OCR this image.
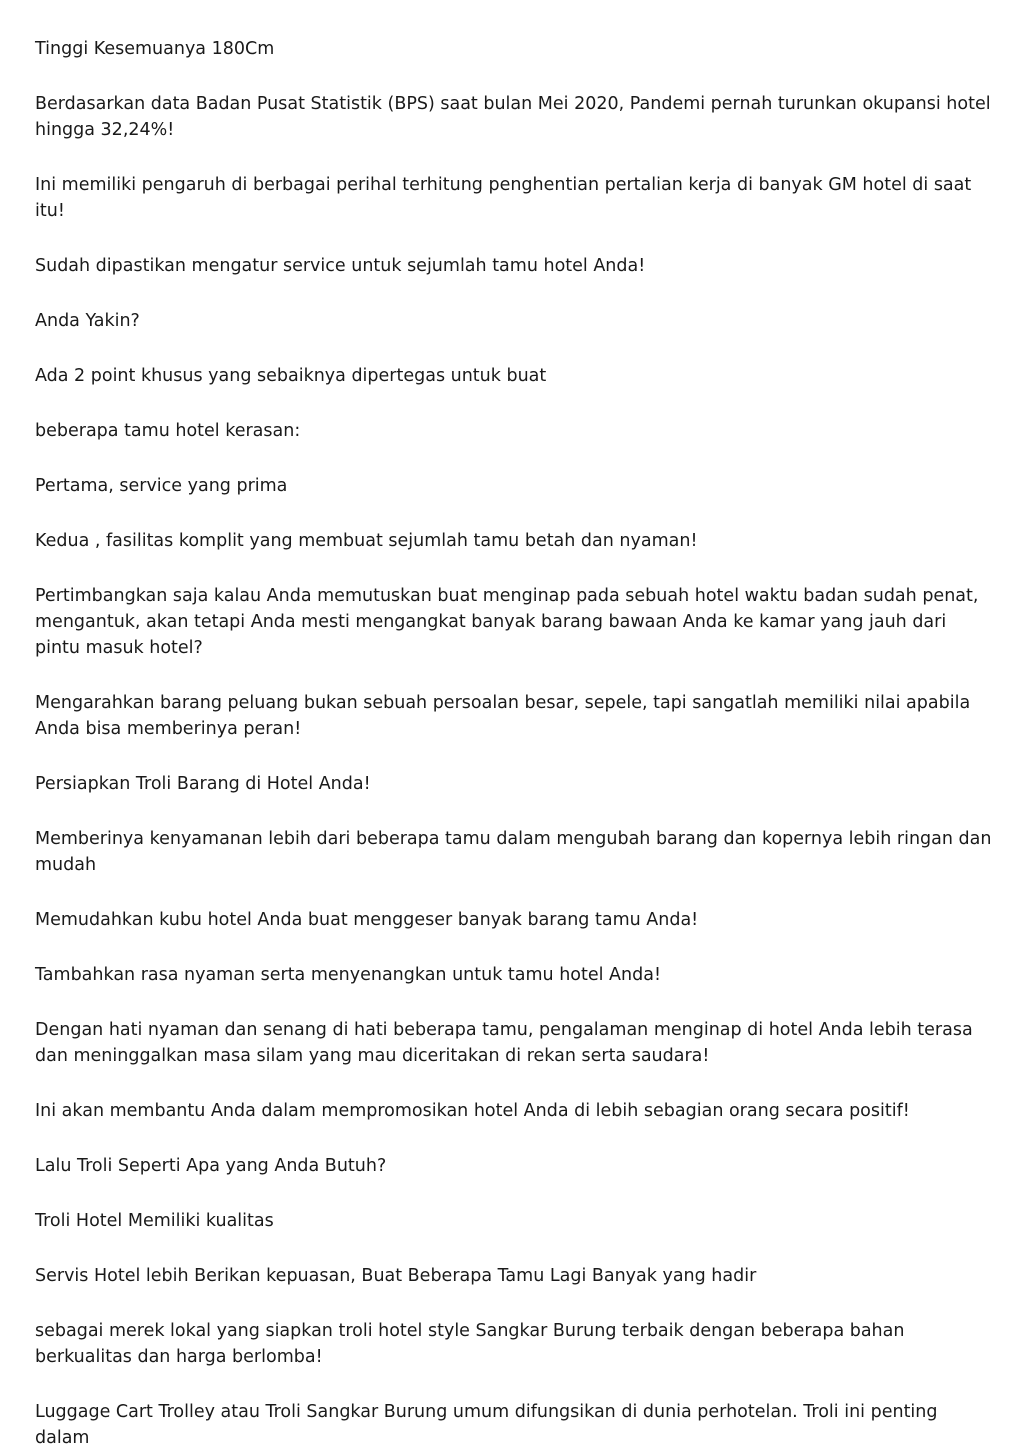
Tinggi Kesemuanya 180Cm

Berdasarkan data Badan Pusat Statistik (BPS) saat bulan Mei 2020, Pandemi pernah turunkan okupansi hotel hingga 32,24%!

Ini memiliki pengaruh di berbagai perihal terhitung penghentian pertalian kerja di banyak GM hotel di saat itu!

Sudah dipastikan mengatur service untuk sejumlah tamu hotel Anda!

Anda Yakin?

Ada 2 point khusus yang sebaiknya dipertegas untuk buat

beberapa tamu hotel kerasan:

Pertama, service yang prima

Kedua , fasilitas komplit yang membuat sejumlah tamu betah dan nyaman!

Pertimbangkan saja kalau Anda memutuskan buat menginap pada sebuah hotel waktu badan sudah penat, mengantuk, akan tetapi Anda mesti mengangkat banyak barang bawaan Anda ke kamar yang jauh dari pintu masuk hotel?

Mengarahkan barang peluang bukan sebuah persoalan besar, sepele, tapi sangatlah memiliki nilai apabila Anda bisa memberinya peran!

Persiapkan Troli Barang di Hotel Anda!

Memberinya kenyamanan lebih dari beberapa tamu dalam mengubah barang dan kopernya lebih ringan dan mudah

Memudahkan kubu hotel Anda buat menggeser banyak barang tamu Anda!

Tambahkan rasa nyaman serta menyenangkan untuk tamu hotel Anda!

Dengan hati nyaman dan senang di hati beberapa tamu, pengalaman menginap di hotel Anda lebih terasa dan meninggalkan masa silam yang mau diceritakan di rekan serta saudara!

Ini akan membantu Anda dalam mempromosikan hotel Anda di lebih sebagian orang secara positif!

Lalu Troli Seperti Apa yang Anda Butuh?

Troli Hotel Memiliki kualitas

Servis Hotel lebih Berikan kepuasan, Buat Beberapa Tamu Lagi Banyak yang hadir

sebagai merek lokal yang siapkan troli hotel style Sangkar Burung terbaik dengan beberapa bahan berkualitas dan harga berlomba!

Luggage Cart Trolley atau Troli Sangkar Burung umum difungsikan di dunia perhotelan. Troli ini penting dalam
